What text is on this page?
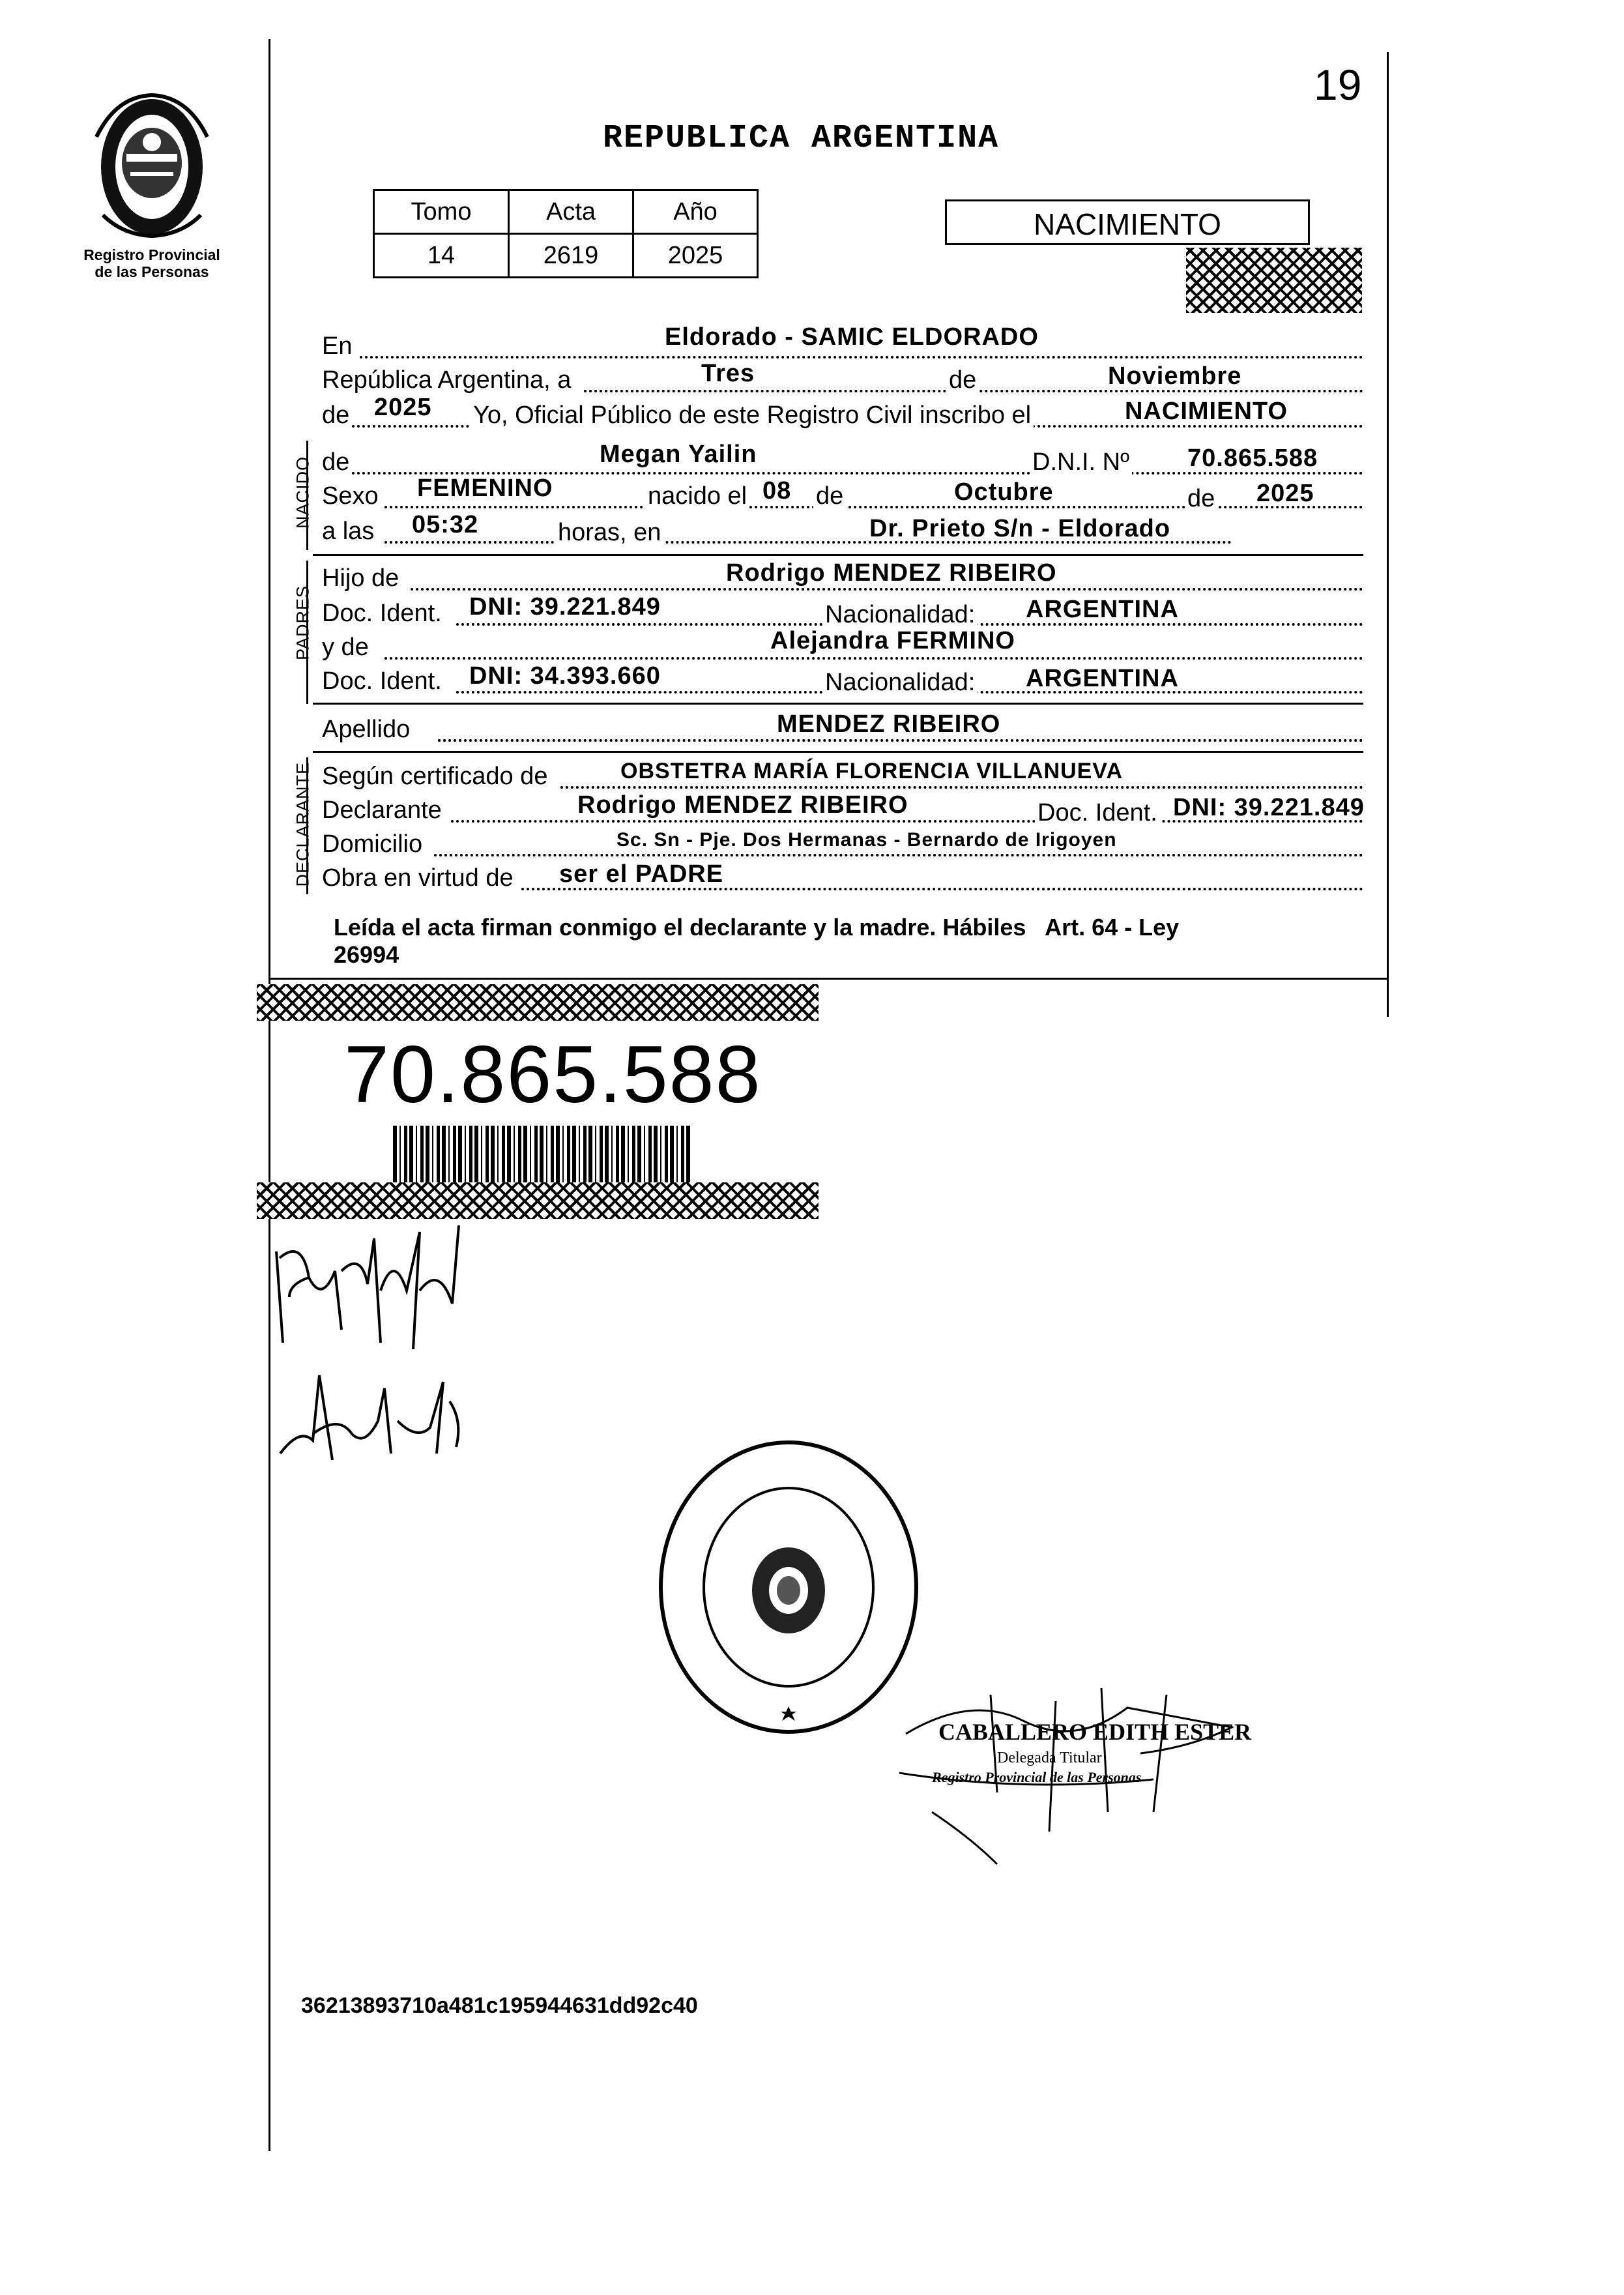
19
Registro Provincial
de las Personas
REPUBLICA ARGENTINA
Tomo	Acta	Año
14	2619	2025
NACIMIENTO
En	Eldorado - SAMIC ELDORADO
República Argentina, a	Tres	de	Noviembre
de 2025 Yo, Oficial Público de este Registro Civil inscribo el	NACIMIENTO
NACIDO de	Megan Yailin	D.N.I. Nº 70.865.588
Sexo FEMENINO	nacido el 08 de	Octubre	de 2025
a las 05:32	horas, en	Dr. Prieto S/n - Eldorado
PADRES
Hijo de	Rodrigo MENDEZ RIBEIRO
Doc. Ident. DNI: 39.221.849	Nacionalidad: ARGENTINA
y de	Alejandra FERMINO
Doc. Ident. DNI: 34.393.660	Nacionalidad: ARGENTINA
Apellido	MENDEZ RIBEIRO
DECLARANTE Según certificado de	OBSTETRA MARÍA FLORENCIA VILLANUEVA
Declarante	Rodrigo MENDEZ RIBEIRO	Doc. Ident. DNI: 39.221.849
Domicilio	Sc. Sn - Pje. Dos Hermanas - Bernardo de Irigoyen
Obra en virtud de ser el PADRE
Leída el acta firman conmigo el declarante y la madre. Hábiles   Art. 64 - Ley
26994
70.865.588
CABALLERO EDITH ESTER
Delegada Titular
Registro Provincial de las Personas
36213893710a481c195944631dd92c40
